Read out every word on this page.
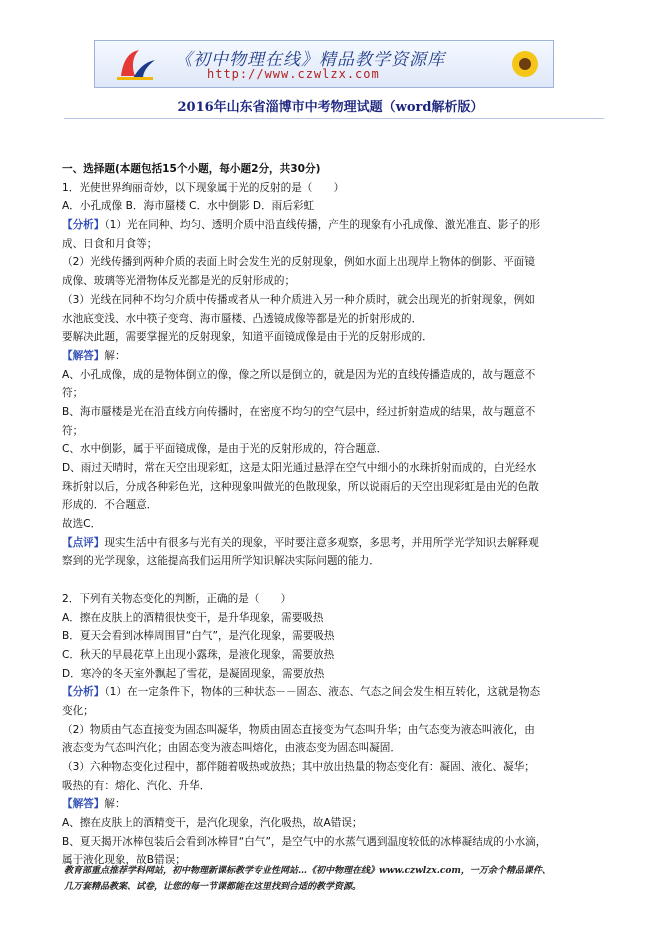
《初中物理在线》精品教学资源库
http://www.czwlzx.com
2016年山东省淄博市中考物理试题（word解析版）
一、选择题(本题包括15个小题，每小题2分，共30分)
1．光使世界绚丽奇妙，以下现象属于光的反射的是（　　）
A．小孔成像 B．海市蜃楼 C．水中倒影 D．雨后彩虹
【分析】（1）光在同种、均匀、透明介质中沿直线传播，产生的现象有小孔成像、激光准直、影子的形
成、日食和月食等；
（2）光线传播到两种介质的表面上时会发生光的反射现象，例如水面上出现岸上物体的倒影、平面镜
成像、玻璃等光滑物体反光都是光的反射形成的；
（3）光线在同种不均匀介质中传播或者从一种介质进入另一种介质时，就会出现光的折射现象，例如
水池底变浅、水中筷子变弯、海市蜃楼、凸透镜成像等都是光的折射形成的．
要解决此题，需要掌握光的反射现象，知道平面镜成像是由于光的反射形成的．
【解答】解：
A、小孔成像，成的是物体倒立的像，像之所以是倒立的，就是因为光的直线传播造成的，故与题意不
符；
B、海市蜃楼是光在沿直线方向传播时，在密度不均匀的空气层中，经过折射造成的结果，故与题意不
符；
C、水中倒影，属于平面镜成像，是由于光的反射形成的，符合题意．
D、雨过天晴时，常在天空出现彩虹，这是太阳光通过悬浮在空气中细小的水珠折射而成的，白光经水
珠折射以后，分成各种彩色光，这种现象叫做光的色散现象，所以说雨后的天空出现彩虹是由光的色散
形成的．不合题意．
故选C．
【点评】现实生活中有很多与光有关的现象，平时要注意多观察，多思考，并用所学光学知识去解释观
察到的光学现象，这能提高我们运用所学知识解决实际问题的能力．
2．下列有关物态变化的判断，正确的是（　　）
A．擦在皮肤上的酒精很快变干，是升华现象，需要吸热
B．夏天会看到冰棒周围冒“白气”，是汽化现象，需要吸热
C．秋天的早晨花草上出现小露珠，是液化现象，需要放热
D．寒冷的冬天室外飘起了雪花，是凝固现象，需要放热
【分析】（1）在一定条件下，物体的三种状态－－固态、液态、气态之间会发生相互转化，这就是物态
变化；
（2）物质由气态直接变为固态叫凝华，物质由固态直接变为气态叫升华；由气态变为液态叫液化，由
液态变为气态叫汽化；由固态变为液态叫熔化，由液态变为固态叫凝固．
（3）六种物态变化过程中，都伴随着吸热或放热；其中放出热量的物态变化有：凝固、液化、凝华；
吸热的有：熔化、汽化、升华．
【解答】解：
A、擦在皮肤上的酒精变干，是汽化现象，汽化吸热，故A错误；
B、夏天揭开冰棒包装后会看到冰棒冒“白气”，是空气中的水蒸气遇到温度较低的冰棒凝结成的小水滴，
属于液化现象，故B错误；
教育部重点推荐学科网站，初中物理新课标教学专业性网站…《初中物理在线》www.czwlzx.com，一万余个精品课件、
几万套精品教案、试卷，让您的每一节课都能在这里找到合适的教学资源。
